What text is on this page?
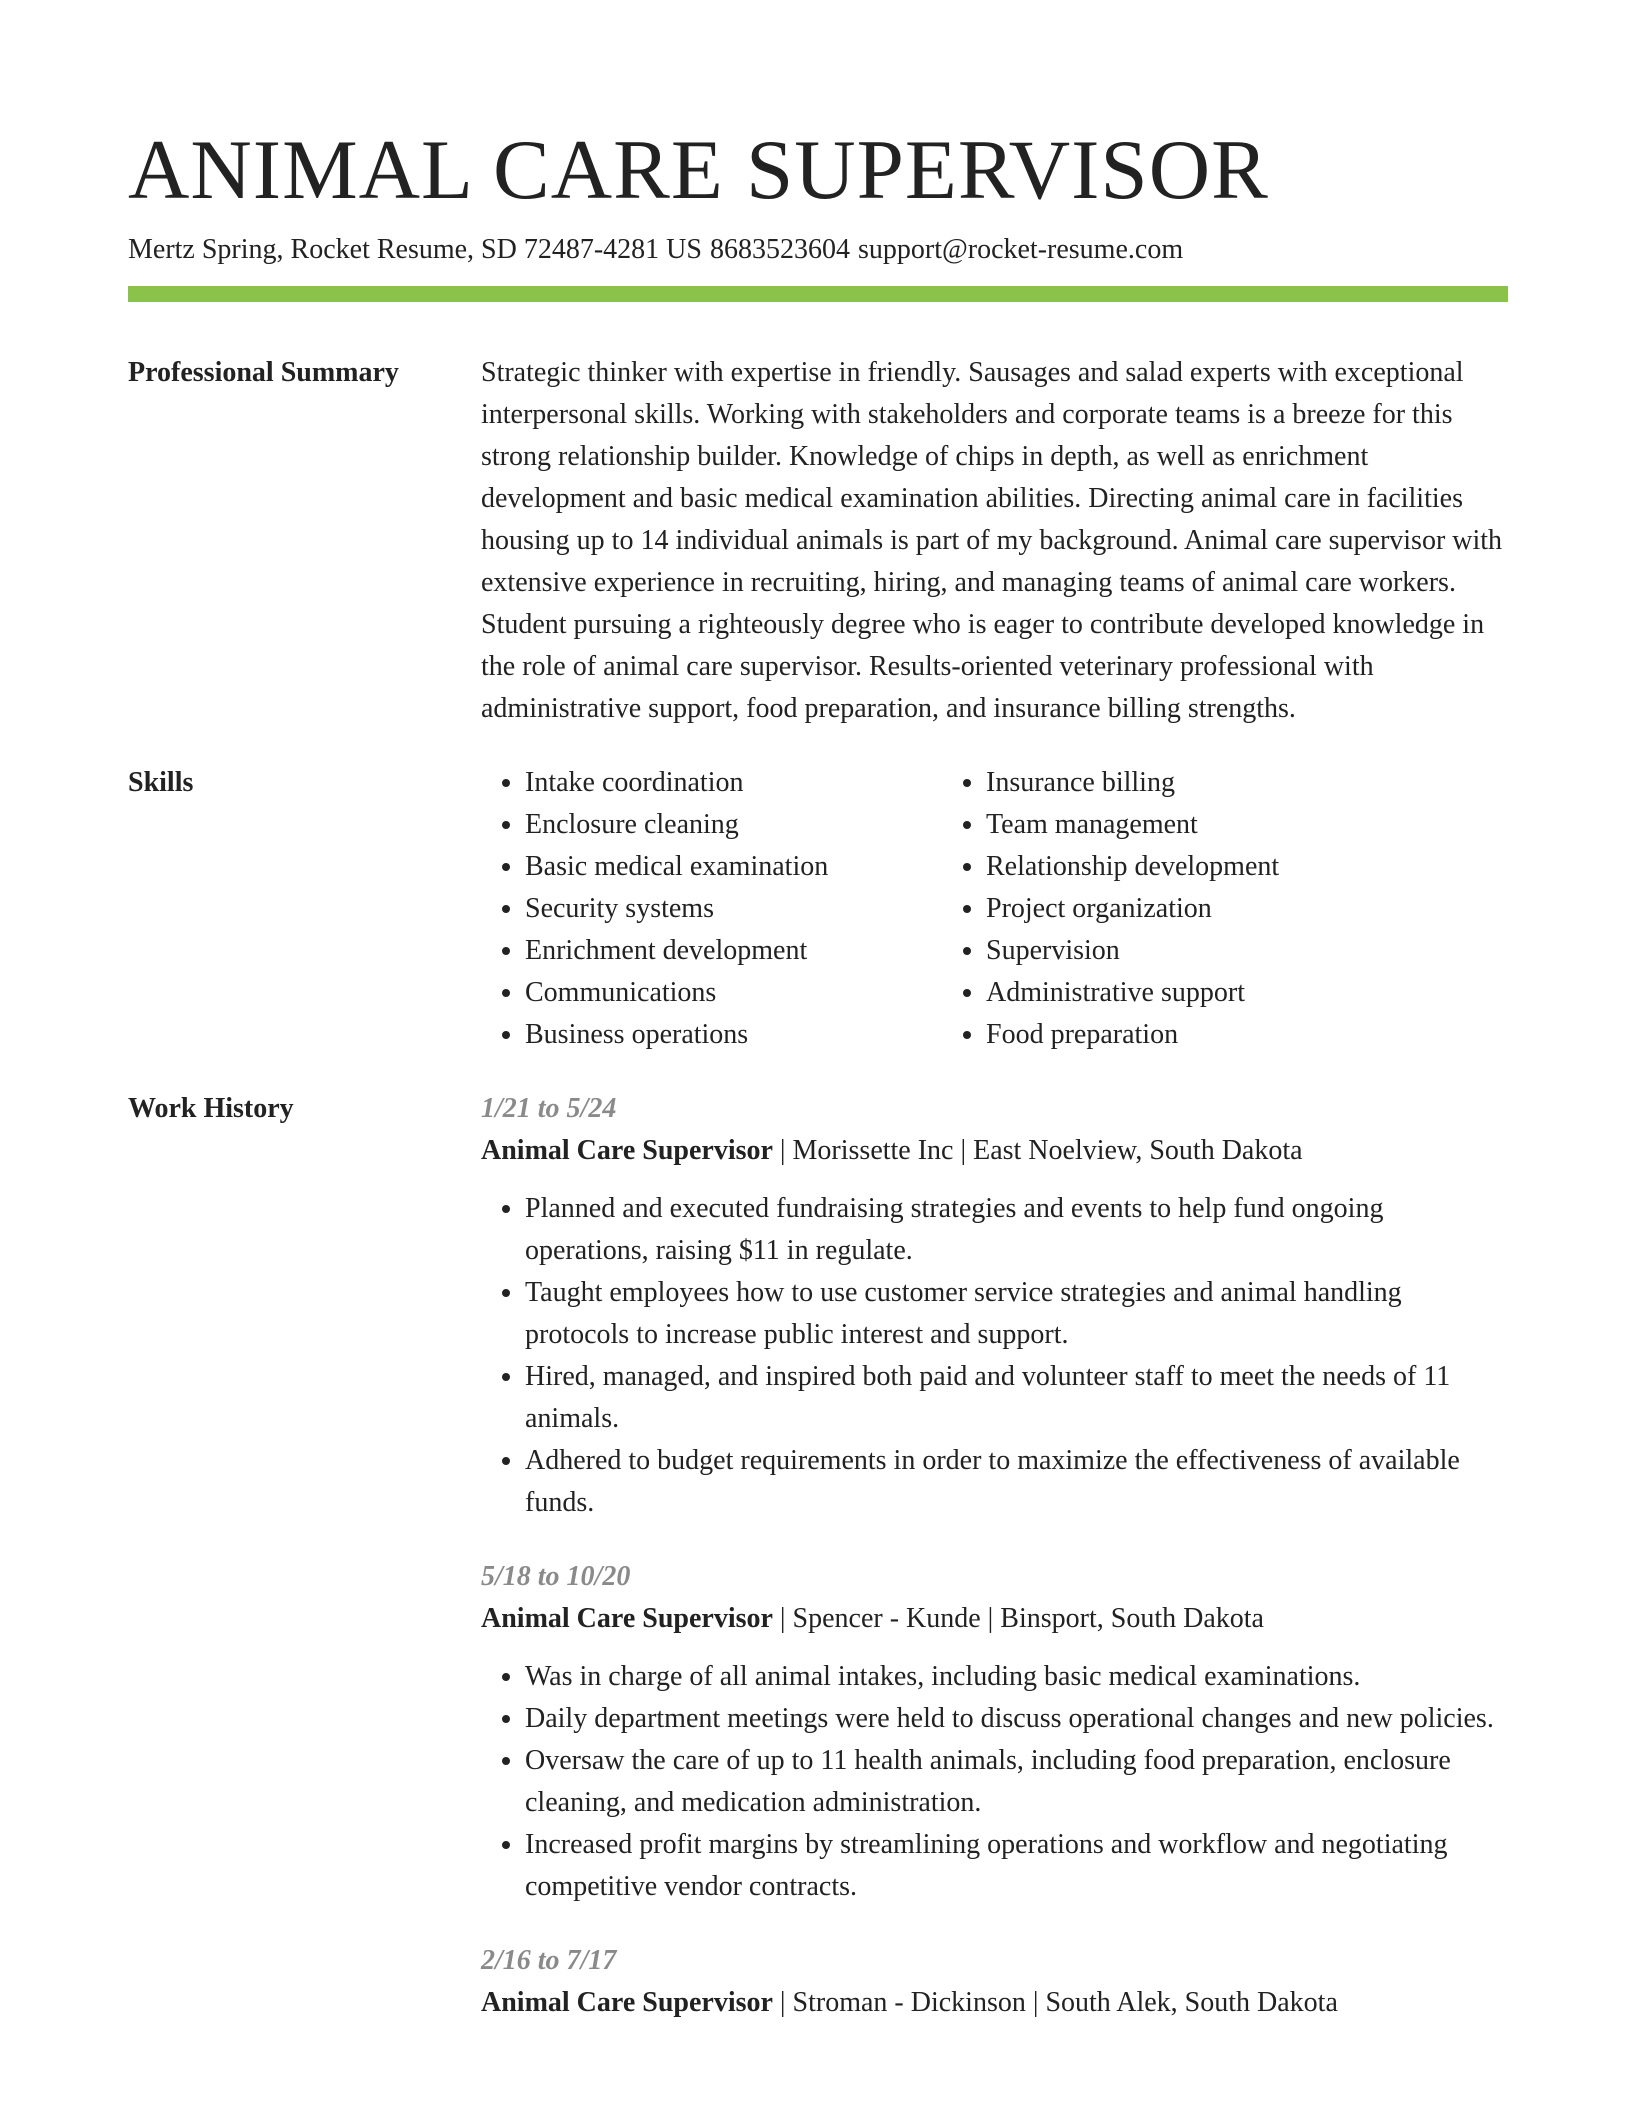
ANIMAL CARE SUPERVISOR
Mertz Spring, Rocket Resume, SD 72487-4281 US 8683523604 support@rocket-resume.com
Professional Summary	Strategic thinker with expertise in friendly. Sausages and salad experts with exceptional interpersonal skills. Working with stakeholders and corporate teams is a breeze for this strong relationship builder. Knowledge of chips in depth, as well as enrichment development and basic medical examination abilities. Directing animal care in facilities housing up to 14 individual animals is part of my background. Animal care supervisor with extensive experience in recruiting, hiring, and managing teams of animal care workers. Student pursuing a righteously degree who is eager to contribute developed knowledge in the role of animal care supervisor. Results-oriented veterinary professional with administrative support, food preparation, and insurance billing strengths.

Skills
•	Intake coordination
• Enclosure cleaning
• Basic medical examination
• Security systems
• Enrichment development
• Communications
• Business operations
• Insurance billing
• Team management
• Relationship development
• Project organization
• Supervision
• Administrative support
• Food preparation
Work History	1/21 to 5/24

Animal Care Supervisor | Morissette Inc | East Noelview, South Dakota

• Planned and executed fundraising strategies and events to help fund ongoing operations, raising $11 in regulate.
• Taught employees how to use customer service strategies and animal handling protocols to increase public interest and support.
• Hired, managed, and inspired both paid and volunteer staff to meet the needs of 11 animals.
• Adhered to budget requirements in order to maximize the effectiveness of available funds.

5/18 to 10/20

Animal Care Supervisor | Spencer - Kunde | Binsport, South Dakota

• Was in charge of all animal intakes, including basic medical examinations.
• Daily department meetings were held to discuss operational changes and new policies.
• Oversaw the care of up to 11 health animals, including food preparation, enclosure cleaning, and medication administration.
• Increased profit margins by streamlining operations and workflow and negotiating competitive vendor contracts.

2/16 to 7/17

Animal Care Supervisor | Stroman - Dickinson | South Alek, South Dakota
